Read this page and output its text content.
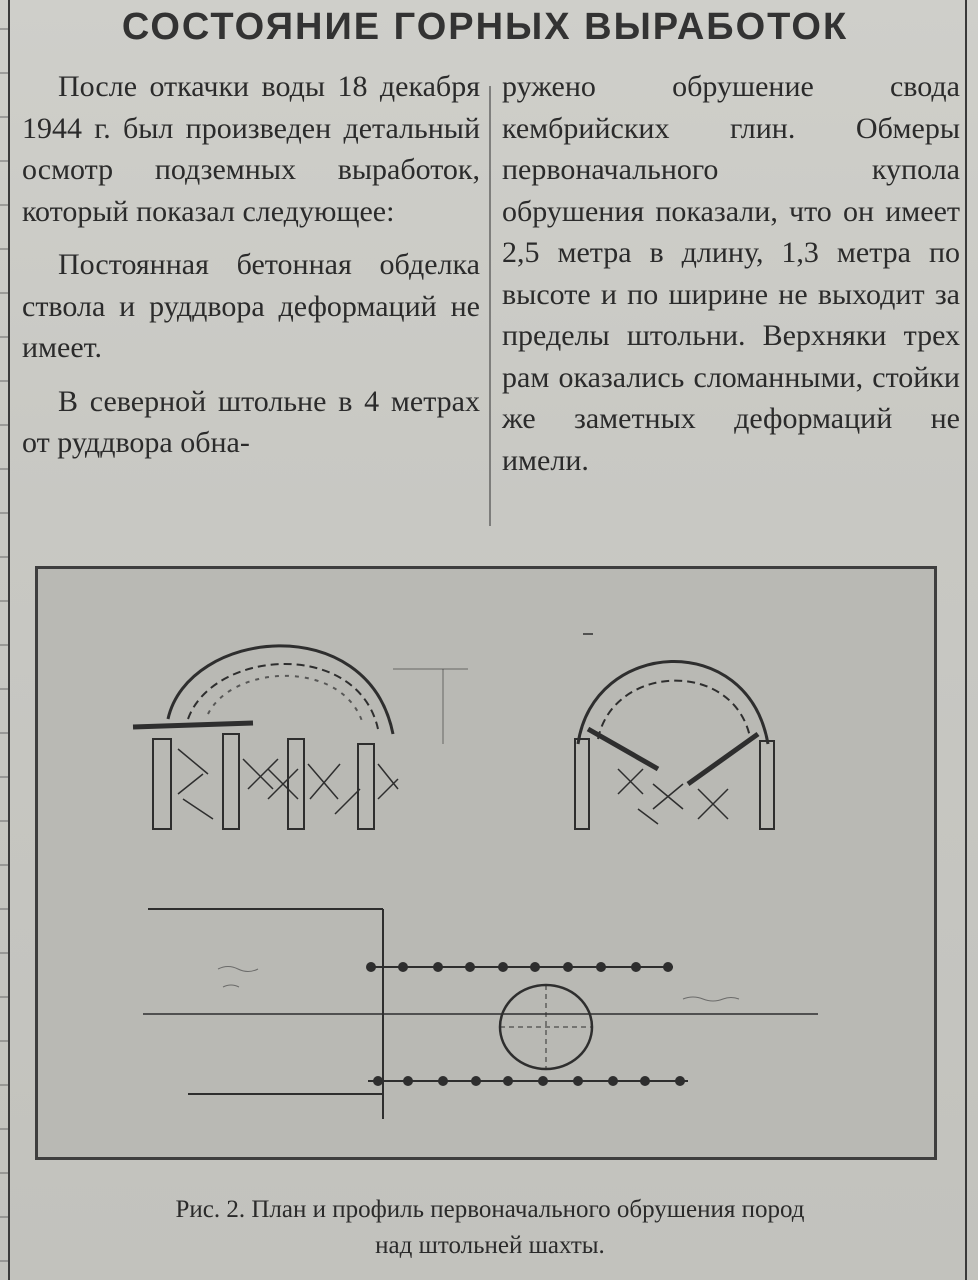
СОСТОЯНИЕ ГОРНЫХ ВЫРАБОТОК

После откачки воды 18 декабря 1944 г. был произведен детальный осмотр подземных выработок, который показал следующее:

Постоянная бетонная обделка ствола и руддвора деформаций не имеет.

В северной штольне в 4 метрах от руддвора обна-

ружено обрушение свода кембрийских глин. Обмеры первоначального купола обрушения показали, что он имеет 2,5 метра в длину, 1,3 метра по высоте и по ширине не выходит за пределы штольни. Верхняки трех рам оказались сломанными, стойки же заметных деформаций не имели.

Рис. 2. План и профиль первоначального обрушения пород
над штольней шахты.
